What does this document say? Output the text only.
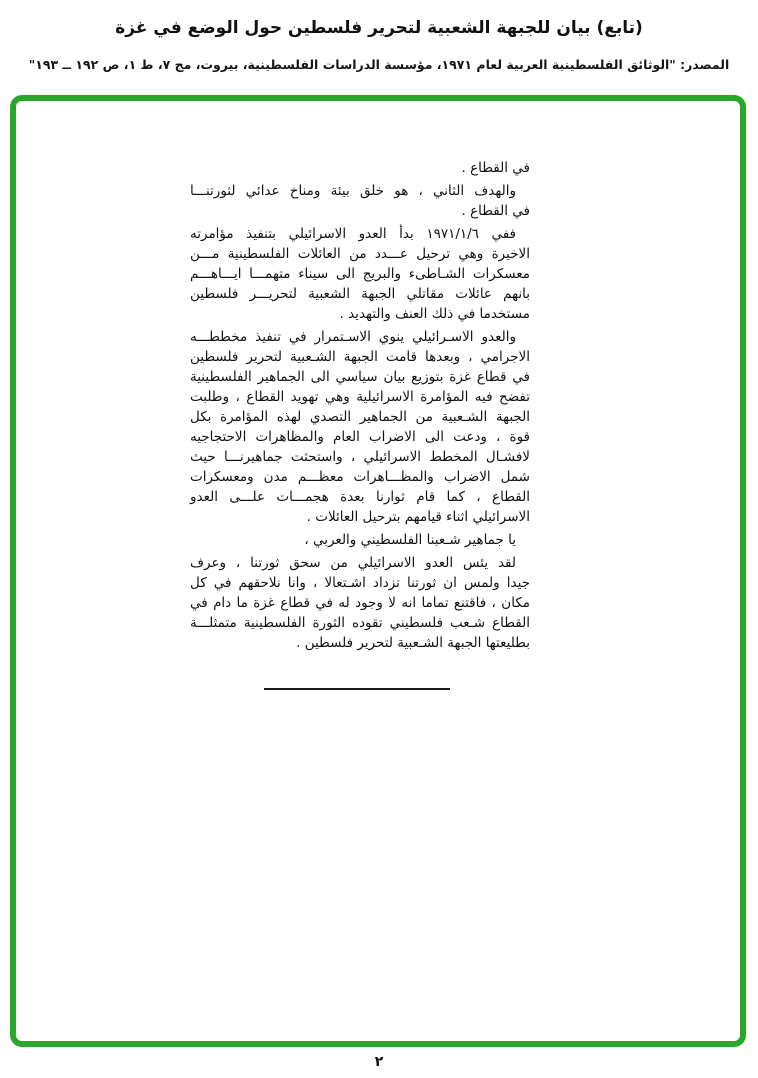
(تابع) بيان للجبهة الشعبية لتحرير فلسطين حول الوضع في غزة
المصدر: "الوثائق الفلسطينية العربية لعام ١٩٧١، مؤسسة الدراسات الفلسطينية، بيروت، مج ٧، ط ١، ص ١٩٢ ــ ١٩٣"
في القطاع .
والهدف الثاني ، هو خلق بيئة ومناخ عدائي لثورتنـــا
في القطاع .
ففي ١٩٧١/١/٦ بدأ العدو الاسرائيلي بتنفيذ مؤامرته
الاخيرة وهي ترحيل عـــدد من العائلات الفلسطينية مـــن
معسكرات الشـاطىء والبريج الى سيناء متهمـــا ايـــاهـــم
بانهم عائلات مقاتلي الجبهة الشعبية لتحريـــر فلسطين
مستخدما في ذلك العنف والتهديد .
والعدو الاسـرائيلي ينوي الاسـتمرار في تنفيذ مخططـــه
الاجرامي ، وبعدها قامت الجبهة الشـعبية لتحرير فلسطين
في قطاع غزة بتوزيع بيان سياسي الى الجماهير الفلسطينية
تفضح فيه المؤامرة الاسرائيلية وهي تهويد القطاع ، وطلبت
الجبهة الشـعبية من الجماهير التصدي لهذه المؤامرة بكل
قوة ، ودعت الى الاضراب العام والمظاهرات الاحتجاجيه
لافشـال المخطط الاسرائيلي ، واستحثت جماهيرنـــا حيث
شمل الاضراب والمظـــاهرات معظـــم مدن ومعسكرات
القطاع ، كما قام ثوارنا بعدة هجمـــات علـــى العدو
الاسرائيلي اثناء قيامهم بترحيل العائلات .
يا جماهير شـعبنا الفلسطيني والعربي ،
لقد يئس العدو الاسرائيلي من سحق ثورتنا ، وعرف
جيدا ولمس ان ثورتنا تزداد اشـتعالا ، وانا نلاحقهم في كل
مكان ، فاقتنع تماما انه لا وجود له في قطاع غزة ما دام في
القطاع شـعب فلسطيني تقوده الثورة الفلسطينية متمثلـــة
بطليعتها الجبهة الشـعبية لتحرير فلسطين .
٢
